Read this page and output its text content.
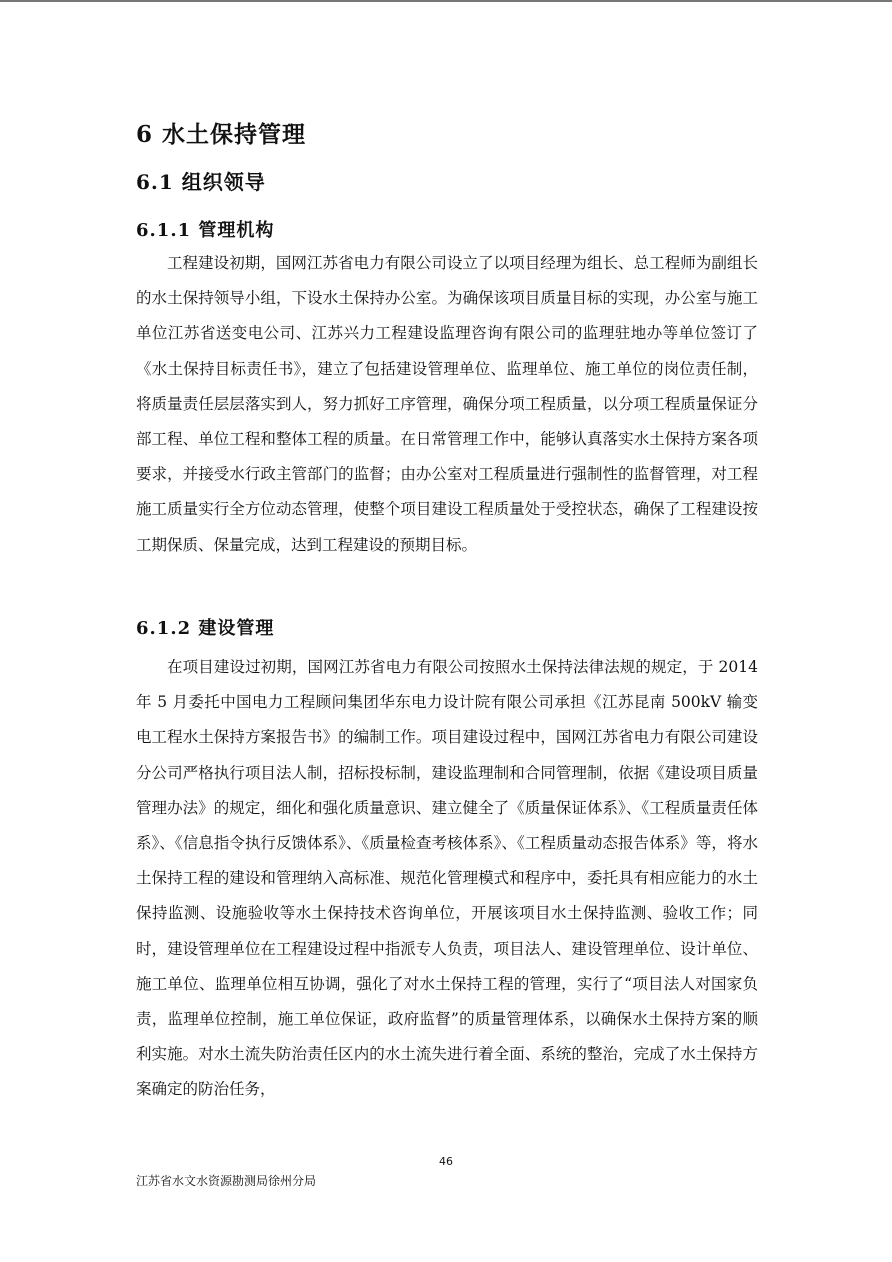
6 水土保持管理
6.1 组织领导
6.1.1 管理机构
工程建设初期，国网江苏省电力有限公司设立了以项目经理为组长、总工程师为副组长的水土保持领导小组，下设水土保持办公室。为确保该项目质量目标的实现，办公室与施工单位江苏省送变电公司、江苏兴力工程建设监理咨询有限公司的监理驻地办等单位签订了《水土保持目标责任书》，建立了包括建设管理单位、监理单位、施工单位的岗位责任制，将质量责任层层落实到人，努力抓好工序管理，确保分项工程质量，以分项工程质量保证分部工程、单位工程和整体工程的质量。在日常管理工作中，能够认真落实水土保持方案各项要求，并接受水行政主管部门的监督；由办公室对工程质量进行强制性的监督管理，对工程施工质量实行全方位动态管理，使整个项目建设工程质量处于受控状态，确保了工程建设按工期保质、保量完成，达到工程建设的预期目标。
6.1.2 建设管理
在项目建设过初期，国网江苏省电力有限公司按照水土保持法律法规的规定，于 2014 年 5 月委托中国电力工程顾问集团华东电力设计院有限公司承担《江苏昆南 500kV 输变电工程水土保持方案报告书》的编制工作。项目建设过程中，国网江苏省电力有限公司建设分公司严格执行项目法人制，招标投标制，建设监理制和合同管理制，依据《建设项目质量管理办法》的规定，细化和强化质量意识、建立健全了《质量保证体系》、《工程质量责任体系》、《信息指令执行反馈体系》、《质量检查考核体系》、《工程质量动态报告体系》等，将水土保持工程的建设和管理纳入高标准、规范化管理模式和程序中，委托具有相应能力的水土保持监测、设施验收等水土保持技术咨询单位，开展该项目水土保持监测、验收工作；同时，建设管理单位在工程建设过程中指派专人负责，项目法人、建设管理单位、设计单位、施工单位、监理单位相互协调，强化了对水土保持工程的管理，实行了“项目法人对国家负责，监理单位控制，施工单位保证，政府监督”的质量管理体系，以确保水土保持方案的顺利实施。对水土流失防治责任区内的水土流失进行着全面、系统的整治，完成了水土保持方案确定的防治任务，
46
江苏省水文水资源勘测局徐州分局
